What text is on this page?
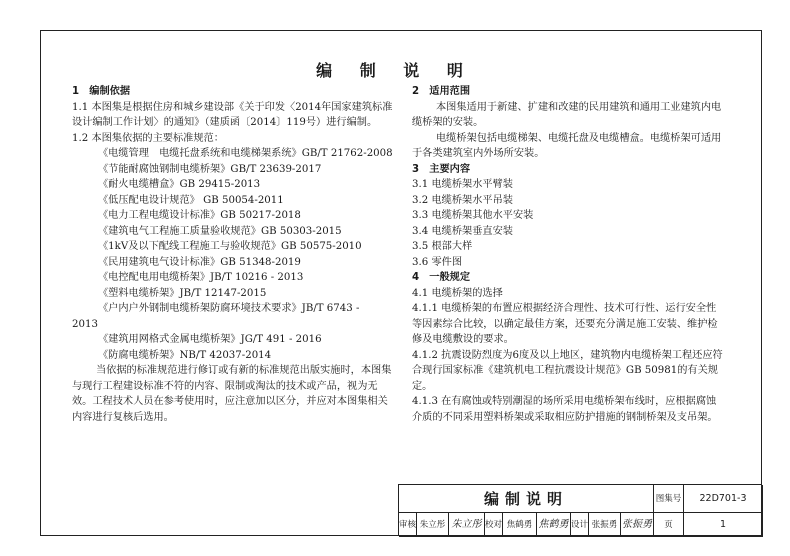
编 制 说 明

1　编制依据

1.1 本图集是根据住房和城乡建设部《关于印发〈2014年国家建筑标准设计编制工作计划〉的通知》（建质函〔2014〕119号）进行编制。

1.2 本图集依据的主要标准规范：

《电缆管理　电缆托盘系统和电缆梯架系统》GB/T 21762-2008

《节能耐腐蚀钢制电缆桥架》GB/T 23639-2017

《耐火电缆槽盒》GB 29415-2013

《低压配电设计规范》 GB 50054-2011

《电力工程电缆设计标准》GB 50217-2018

《建筑电气工程施工质量验收规范》GB 50303-2015

《1kV及以下配线工程施工与验收规范》GB 50575-2010

《民用建筑电气设计标准》GB 51348-2019

《电控配电用电缆桥架》JB/T 10216 - 2013

《塑料电缆桥架》JB/T 12147-2015

《户内户外钢制电缆桥架防腐环境技术要求》JB/T 6743 -

2013

《建筑用网格式金属电缆桥架》JG/T 491 - 2016

《防腐电缆桥架》NB/T 42037-2014

当依据的标准规范进行修订或有新的标准规范出版实施时，本图集与现行工程建设标准不符的内容、限制或淘汰的技术或产品，视为无效。工程技术人员在参考使用时，应注意加以区分，并应对本图集相关内容进行复核后选用。

2　适用范围

本图集适用于新建、扩建和改建的民用建筑和通用工业建筑内电缆桥架的安装。

电缆桥架包括电缆梯架、电缆托盘及电缆槽盒。电缆桥架可适用于各类建筑室内外场所安装。

3　主要内容

3.1 电缆桥架水平臂装

3.2 电缆桥架水平吊装

3.3 电缆桥架其他水平安装

3.4 电缆桥架垂直安装

3.5 根部大样

3.6 零件图

4　一般规定

4.1 电缆桥架的选择

4.1.1 电缆桥架的布置应根据经济合理性、技术可行性、运行安全性等因素综合比较，以确定最佳方案，还要充分满足施工安装、维护检修及电缆敷设的要求。

4.1.2 抗震设防烈度为6度及以上地区，建筑物内电缆桥架工程还应符合现行国家标准《建筑机电工程抗震设计规范》GB 50981的有关规定。

4.1.3 在有腐蚀或特别潮湿的场所采用电缆桥架布线时，应根据腐蚀介质的不同采用塑料桥架或采取相应防护措施的钢制桥架及支吊架。

编制说明	图集号	22D701-3
审核 朱立彤 朱立彤 校对 焦鹤勇 焦鹤勇 设计 张振勇 张振勇	页	1
